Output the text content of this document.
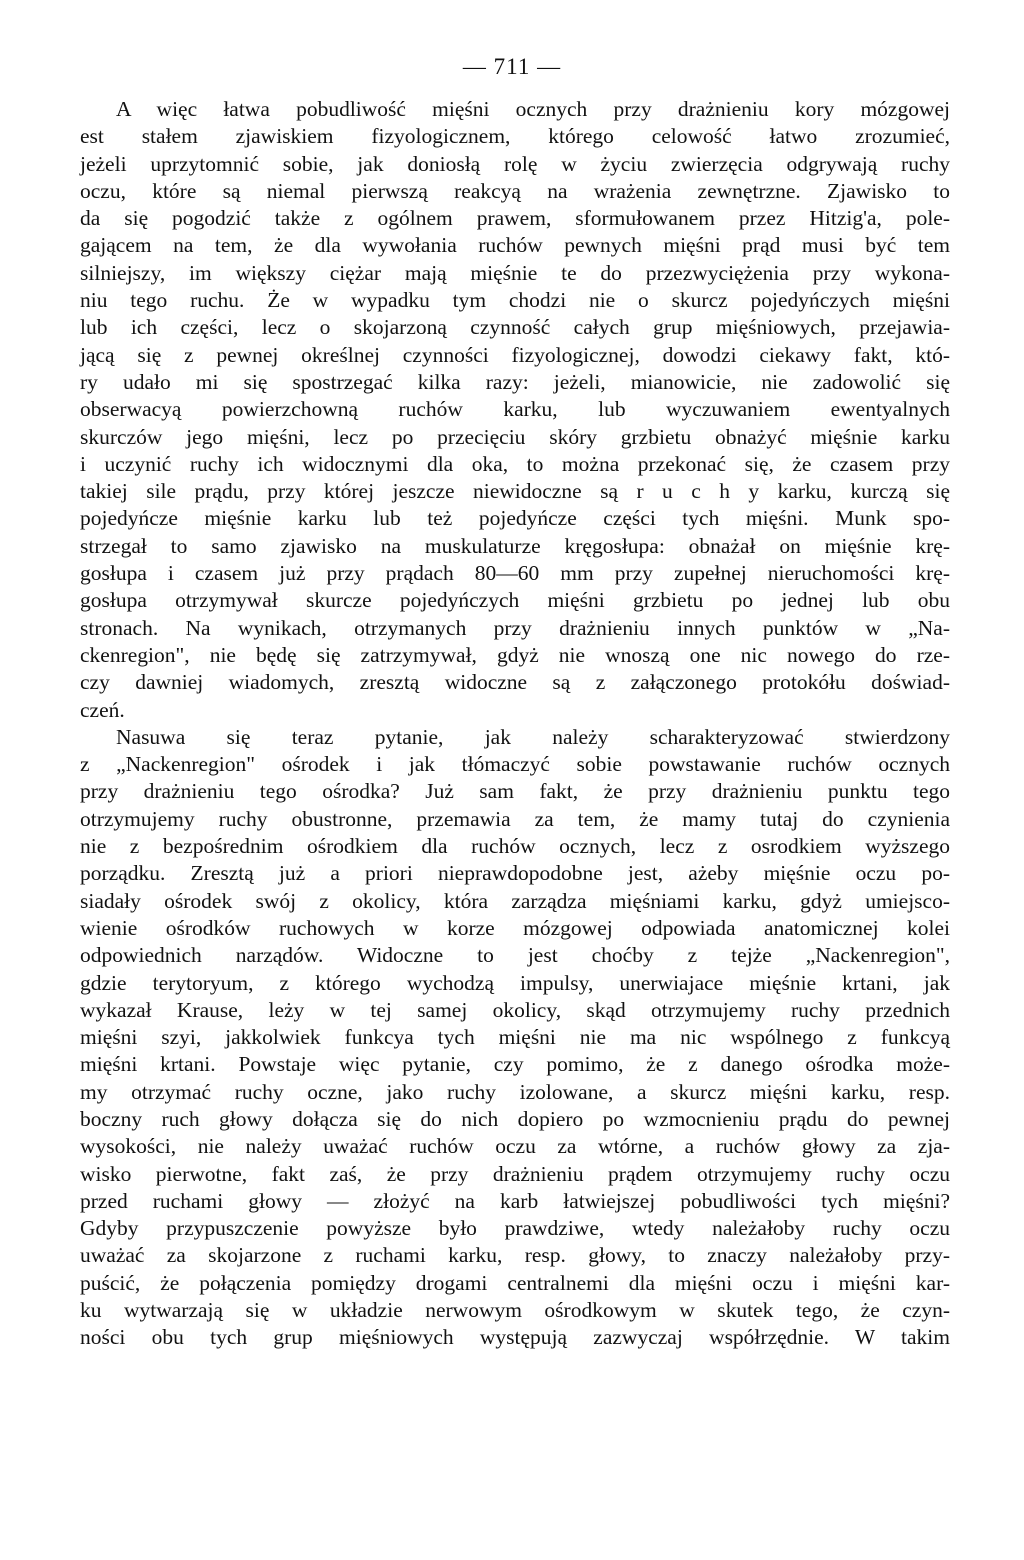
— 711 —
A więc łatwa pobudliwość mięśni ocznych przy drażnieniu kory mózgowej
est stałem zjawiskiem fizyologicznem, którego celowość łatwo zrozumieć,
jeżeli uprzytomnić sobie, jak doniosłą rolę w życiu zwierzęcia odgrywają ruchy
oczu, które są niemal pierwszą reakcyą na wrażenia zewnętrzne. Zjawisko to
da się pogodzić także z ogólnem prawem, sformułowanem przez Hitzig'a, pole-
gającem na tem, że dla wywołania ruchów pewnych mięśni prąd musi być tem
silniejszy, im większy ciężar mają mięśnie te do przezwyciężenia przy wykona-
niu tego ruchu. Że w wypadku tym chodzi nie o skurcz pojedyńczych mięśni
lub ich części, lecz o skojarzoną czynność całych grup mięśniowych, przejawia-
jącą się z pewnej określnej czynności fizyologicznej, dowodzi ciekawy fakt, któ-
ry udało mi się spostrzegać kilka razy: jeżeli, mianowicie, nie zadowolić się
obserwacyą powierzchowną ruchów karku, lub wyczuwaniem ewentyalnych
skurczów jego mięśni, lecz po przecięciu skóry grzbietu obnażyć mięśnie karku
i uczynić ruchy ich widocznymi dla oka, to można przekonać się, że czasem przy
takiej sile prądu, przy której jeszcze niewidoczne są r u c h y karku, kurczą się
pojedyńcze mięśnie karku lub też pojedyńcze części tych mięśni. Munk spo-
strzegał to samo zjawisko na muskulaturze kręgosłupa: obnażał on mięśnie krę-
gosłupa i czasem już przy prądach 80—60 mm przy zupełnej nieruchomości krę-
gosłupa otrzymywał skurcze pojedyńczych mięśni grzbietu po jednej lub obu
stronach. Na wynikach, otrzymanych przy drażnieniu innych punktów w „Na-
ckenregion", nie będę się zatrzymywał, gdyż nie wnoszą one nic nowego do rze-
czy dawniej wiadomych, zresztą widoczne są z załączonego protokółu doświad-
czeń.
Nasuwa się teraz pytanie, jak należy scharakteryzować stwierdzony
z „Nackenregion" ośrodek i jak tłómaczyć sobie powstawanie ruchów ocznych
przy drażnieniu tego ośrodka? Już sam fakt, że przy drażnieniu punktu tego
otrzymujemy ruchy obustronne, przemawia za tem, że mamy tutaj do czynienia
nie z bezpośrednim ośrodkiem dla ruchów ocznych, lecz z osrodkiem wyższego
porządku. Zresztą już a priori nieprawdopodobne jest, ażeby mięśnie oczu po-
siadały ośrodek swój z okolicy, która zarządza mięśniami karku, gdyż umiejsco-
wienie ośrodków ruchowych w korze mózgowej odpowiada anatomicznej kolei
odpowiednich narządów. Widoczne to jest choćby z tejże „Nackenregion",
gdzie terytoryum, z którego wychodzą impulsy, unerwiajace mięśnie krtani, jak
wykazał Krause, leży w tej samej okolicy, skąd otrzymujemy ruchy przednich
mięśni szyi, jakkolwiek funkcya tych mięśni nie ma nic wspólnego z funkcyą
mięśni krtani. Powstaje więc pytanie, czy pomimo, że z danego ośrodka może-
my otrzymać ruchy oczne, jako ruchy izolowane, a skurcz mięśni karku, resp.
boczny ruch głowy dołącza się do nich dopiero po wzmocnieniu prądu do pewnej
wysokości, nie należy uważać ruchów oczu za wtórne, a ruchów głowy za zja-
wisko pierwotne, fakt zaś, że przy drażnieniu prądem otrzymujemy ruchy oczu
przed ruchami głowy — złożyć na karb łatwiejszej pobudliwości tych mięśni?
Gdyby przypuszczenie powyższe było prawdziwe, wtedy należałoby ruchy oczu
uważać za skojarzone z ruchami karku, resp. głowy, to znaczy należałoby przy-
puścić, że połączenia pomiędzy drogami centralnemi dla mięśni oczu i mięśni kar-
ku wytwarzają się w układzie nerwowym ośrodkowym w skutek tego, że czyn-
ności obu tych grup mięśniowych występują zazwyczaj współrzędnie. W takim
